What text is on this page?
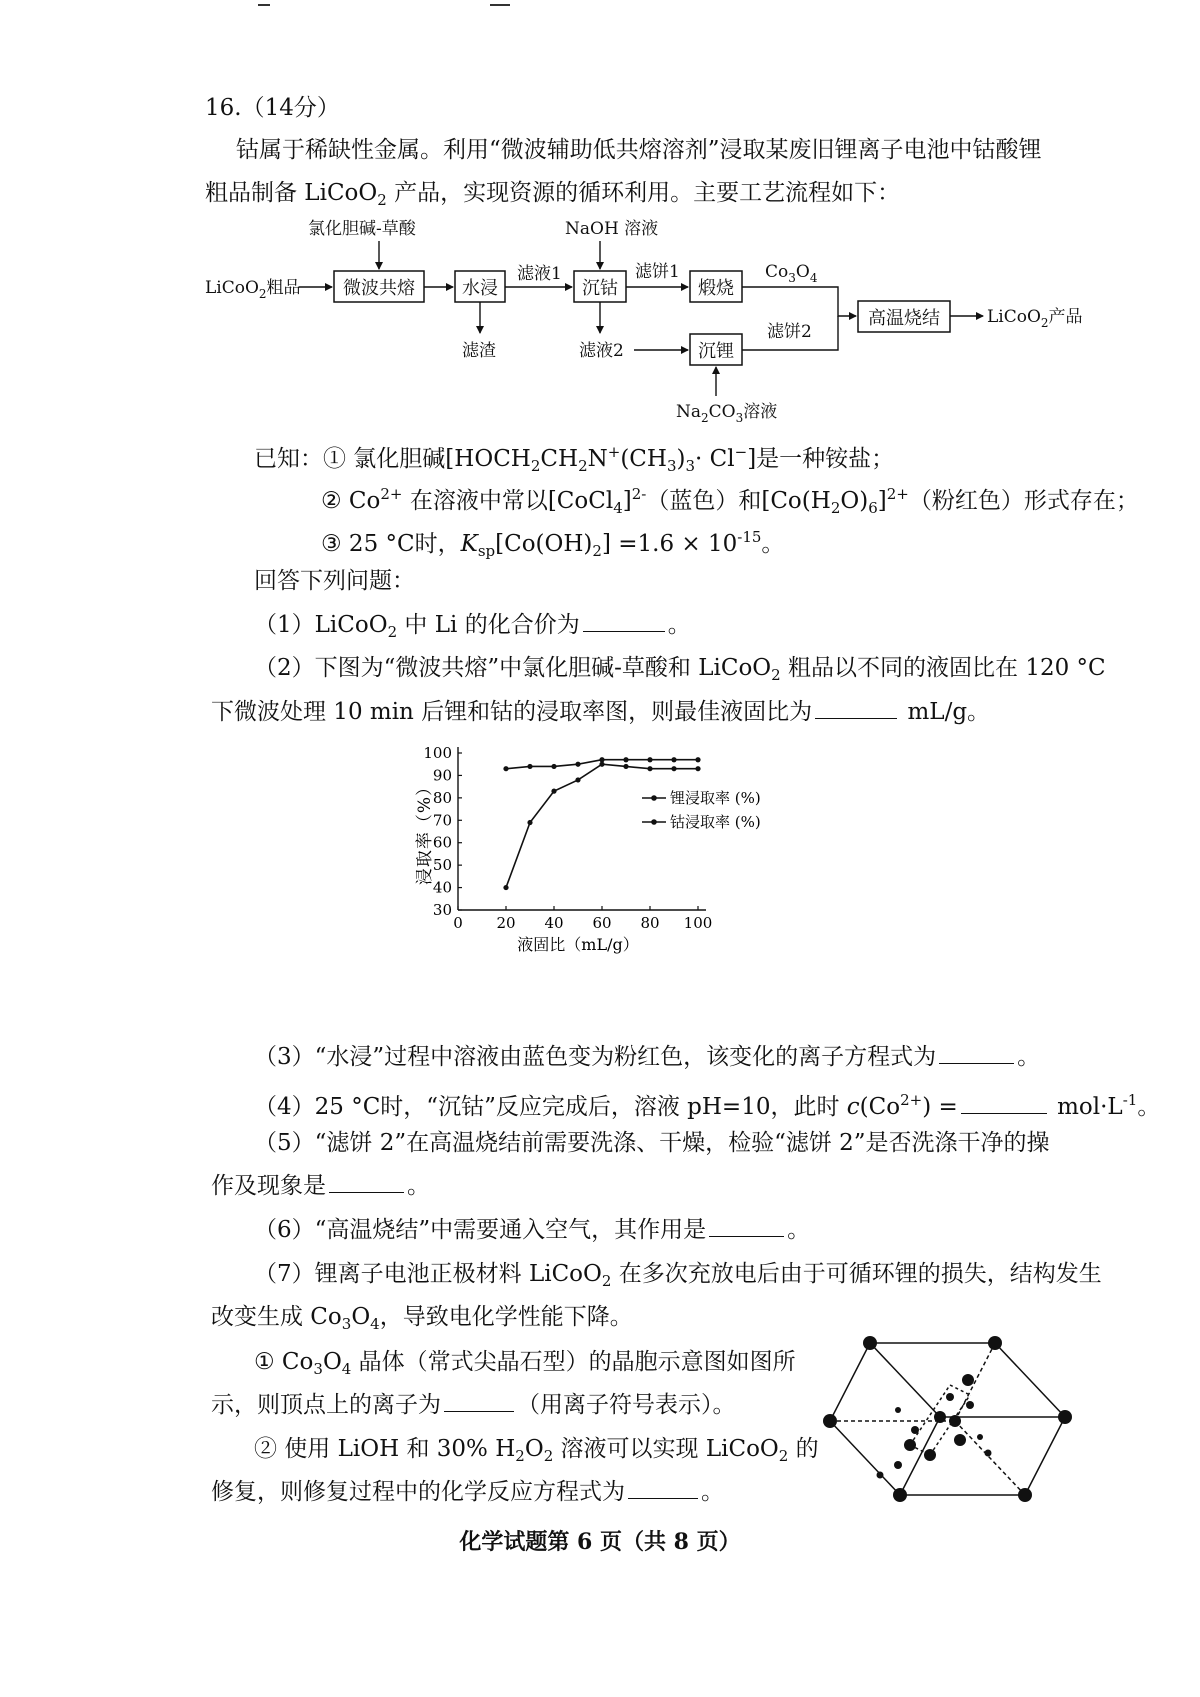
16.（14分）
钴属于稀缺性金属。利用“微波辅助低共熔溶剂”浸取某废旧锂离子电池中钴酸锂
粗品制备 LiCoO$_2$ 产品，实现资源的循环利用。主要工艺流程如下：
氯化胆碱-草酸	NaOH 溶液
LiCoO$_2$粗品
滤液1	滤饼1	$Co_3O_4$
滤饼2
滤渣	滤液2
$Na_2CO_3$溶液
LiCoO$_2$产品
微波共熔	水浸	沉钴	煅烧
沉锂
高温烧结
已知：① 氯化胆碱$[HOCH_2CH_2N^+(CH_3)_3\cdot Cl^-]$是一种铵盐；
② $Co^{2+}$ 在溶液中常以[CoCl$_4$]$^{2-}$（蓝色）和$[Co(H_2O)_6]^{2+}$（粉红色）形式存在；
③ 25 °C时，$K_{sp}[Co(OH)_2] =1.6 \times 10^{-15}$。
回答下列问题：
（1）LiCoO$_2$ 中 Li 的化合价为	。
（2）下图为“微波共熔”中氯化胆碱-草酸和 LiCoO$_2$ 粗品以不同的液固比在 120 °C
下微波处理 10 min 后锂和钴的浸取率图，则最佳液固比为	mL/g。
0 20 40 60 80 100
30
40
50
60
70
80
90
100
锂浸取率 (%)
钴浸取率 (%)
浸取率（%）
液固比（mL/g）
（3）“水浸”过程中溶液由蓝色变为粉红色，该变化的离子方程式为	。
（4）25 °C时，“沉钴”反应完成后，溶液 pH=10，此时 $c(Co^{2+})$ =	$mol\cdot L^{-1}$。
（5）“滤饼 2”在高温烧结前需要洗涤、干燥，检验“滤饼 2”是否洗涤干净的操
作及现象是	。
（6）“高温烧结”中需要通入空气，其作用是	。
（7）锂离子电池正极材料 LiCoO$_2$ 在多次充放电后由于可循环锂的损失，结构发生
改变生成 $Co_3O_4$，导致电化学性能下降。
① $Co_3O_4$ 晶体（常式尖晶石型）的晶胞示意图如图所
示，则顶点上的离子为	（用离子符号表示）。
② 使用 LiOH 和 30% $H_2O_2$ 溶液可以实现 LiCoO$_2$ 的
修复，则修复过程中的化学反应方程式为	。
化学试题第 6 页（共 8 页）
